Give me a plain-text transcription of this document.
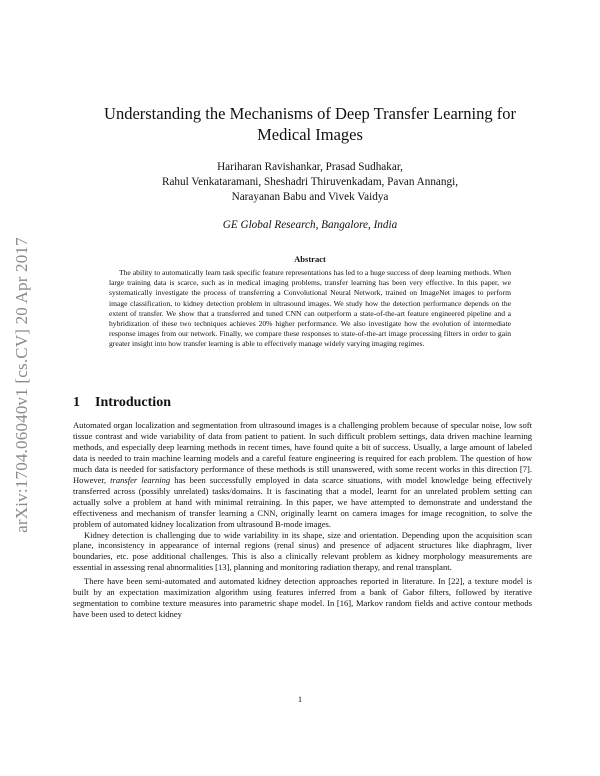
arXiv:1704.06040v1 [cs.CV] 20 Apr 2017
Understanding the Mechanisms of Deep Transfer Learning for Medical Images
Hariharan Ravishankar, Prasad Sudhakar,
Rahul Venkataramani, Sheshadri Thiruvenkadam, Pavan Annangi,
Narayanan Babu and Vivek Vaidya
GE Global Research, Bangalore, India
Abstract

The ability to automatically learn task specific feature representations has led to a huge success of deep learning methods. When large training data is scarce, such as in medical imaging problems, transfer learning has been very effective. In this paper, we systematically investigate the process of transferring a Convolutional Neural Network, trained on ImageNet images to perform image classification, to kidney detection problem in ultrasound images. We study how the detection performance depends on the extent of transfer. We show that a transferred and tuned CNN can outperform a state-of-the-art feature engineered pipeline and a hybridization of these two techniques achieves 20% higher performance. We also investigate how the evolution of intermediate response images from our network. Finally, we compare these responses to state-of-the-art image processing filters in order to gain greater insight into how transfer learning is able to effectively manage widely varying imaging regimes.

1 Introduction

Automated organ localization and segmentation from ultrasound images is a challenging problem because of specular noise, low soft tissue contrast and wide variability of data from patient to patient. In such difficult problem settings, data driven machine learning methods, and especially deep learning methods in recent times, have found quite a bit of success. Usually, a large amount of labeled data is needed to train machine learning models and a careful feature engineering is required for each problem. The question of how much data is needed for satisfactory performance of these methods is still unanswered, with some recent works in this direction [7]. However, transfer learning has been successfully employed in data scarce situations, with model knowledge being effectively transferred across (possibly unrelated) tasks/domains. It is fascinating that a model, learnt for an unrelated problem setting can actually solve a problem at hand with minimal retraining. In this paper, we have attempted to demonstrate and understand the effectiveness and mechanism of transfer learning a CNN, originally learnt on camera images for image recognition, to solve the problem of automated kidney localization from ultrasound B-mode images.

Kidney detection is challenging due to wide variability in its shape, size and orientation. Depending upon the acquisition scan plane, inconsistency in appearance of internal regions (renal sinus) and presence of adjacent structures like diaphragm, liver boundaries, etc. pose additional challenges. This is also a clinically relevant problem as kidney morphology measurements are essential in assessing renal abnormalities [13], planning and monitoring radiation therapy, and renal transplant.

There have been semi-automated and automated kidney detection approaches reported in literature. In [22], a texture model is built by an expectation maximization algorithm using features inferred from a bank of Gabor filters, followed by iterative segmentation to combine texture measures into parametric shape model. In [16], Markov random fields and active contour methods have been used to detect kidney

1
